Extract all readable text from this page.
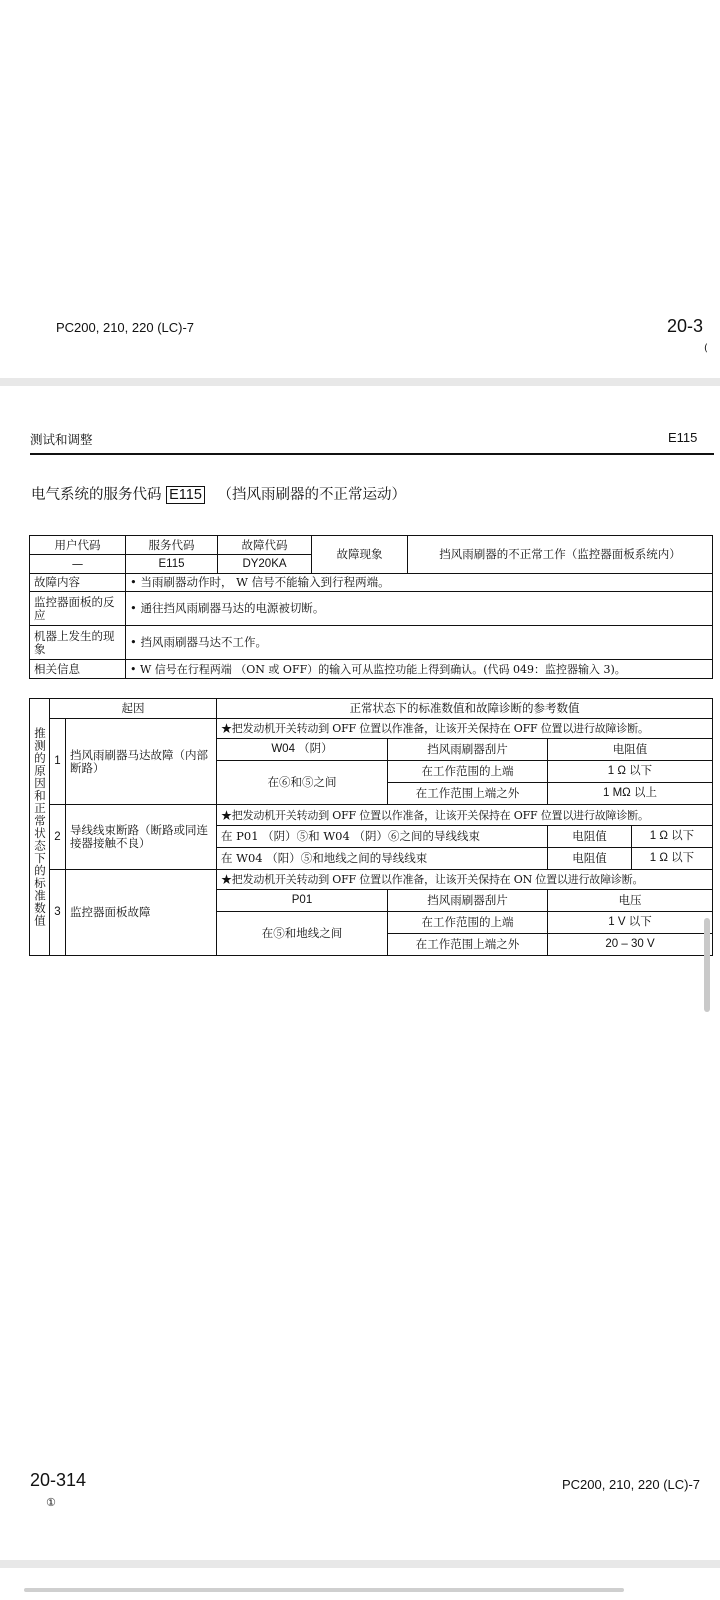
PC200, 210, 220 (LC)-7	20-3
(
测试和调整	E115
电气系统的服务代码 E115 （挡风雨刷器的不正常运动）
用户代码	服务代码	故障代码	故障现象	挡风雨刷器的不正常工作（监控器面板系统内）
—	E115	DY20KA		
故障内容	• 当雨刷器动作时， W 信号不能输入到行程两端。			
监控器面板的反应	• 通往挡风雨刷器马达的电源被切断。			
机器上发生的现象	• 挡风雨刷器马达不工作。			
相关信息	• W 信号在行程两端 （ON 或 OFF）的输入可从监控功能上得到确认。(代码 049：监控器输入 3)。			
推测的原因和正常状态下的标准数值	起因		正常状态下的标准数值和故障诊断的参考数值			
	1	挡风雨刷器马达故障（内部断路）	★把发动机开关转动到 OFF 位置以作准备，让该开关保持在 OFF 位置以进行故障诊断。			
			W04 （阴）	挡风雨刷器刮片	电阻值	
			在⑥和⑤之间	在工作范围的上端	1 Ω 以下	
				在工作范围上端之外	1 MΩ 以上	
	2	导线线束断路（断路或同连接器接触不良）	★把发动机开关转动到 OFF 位置以作准备，让该开关保持在 OFF 位置以进行故障诊断。			
			在 P01 （阴）⑤和 W04 （阴）⑥之间的导线线束		电阻值	1 Ω 以下
			在 W04 （阳）⑤和地线之间的导线线束		电阻值	1 Ω 以下
	3	监控器面板故障	★把发动机开关转动到 OFF 位置以作准备，让该开关保持在 ON 位置以进行故障诊断。			
			P01	挡风雨刷器刮片	电压	
			在⑤和地线之间	在工作范围的上端	1 V 以下	
				在工作范围上端之外	20 – 30 V	
20-314
①
PC200, 210, 220 (LC)-7
